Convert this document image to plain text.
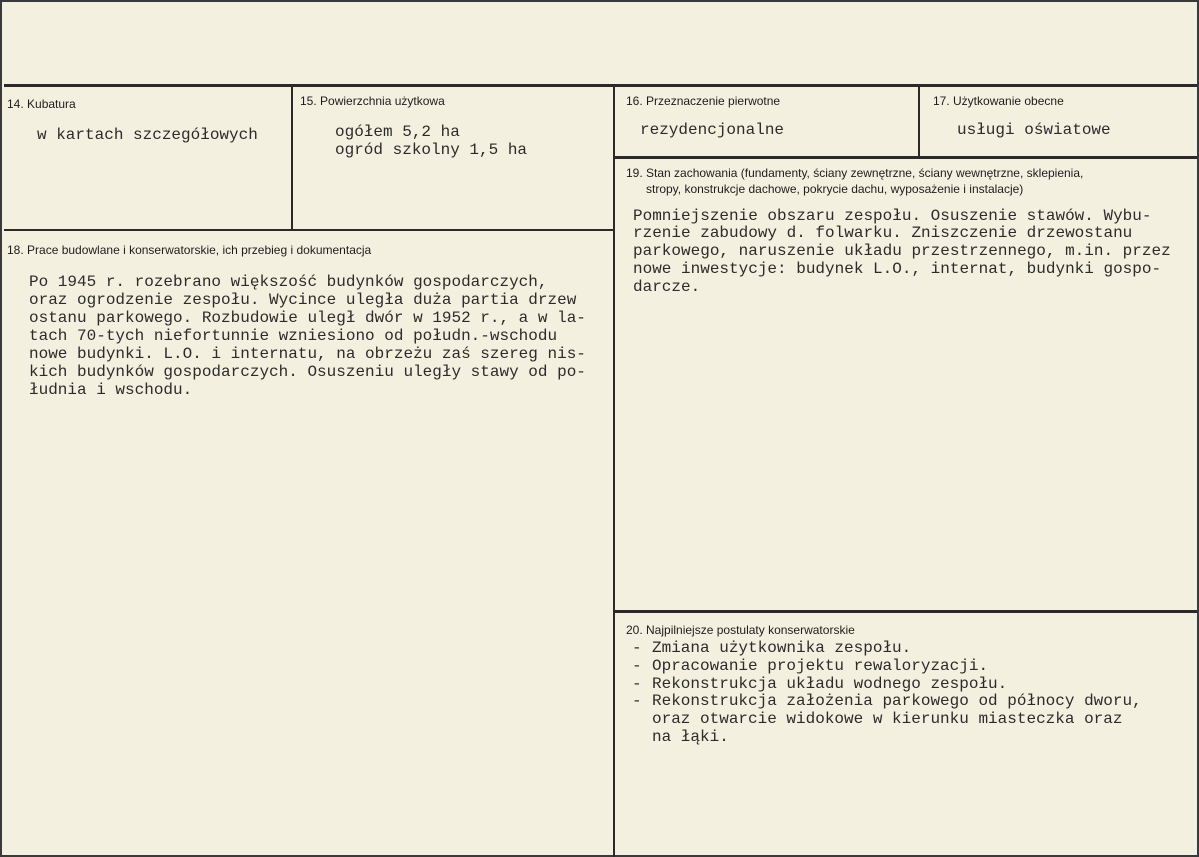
14. Kubatura
w kartach szczegółowych
15. Powierzchnia użytkowa
ogółem 5,2 ha
ogród szkolny 1,5 ha
16. Przeznaczenie pierwotne
rezydencjonalne
17. Użytkowanie obecne
usługi oświatowe
18. Prace budowlane i konserwatorskie, ich przebieg i dokumentacja
Po 1945 r. rozebrano większość budynków gospodarczych,
oraz ogrodzenie zespołu. Wycince uległa duża partia drzew
ostanu parkowego. Rozbudowie uległ dwór w 1952 r., a w la-
tach 70-tych niefortunnie wzniesiono od połudn.-wschodu
nowe budynki. L.O. i internatu, na obrzeżu zaś szereg nis-
kich budynków gospodarczych. Osuszeniu uległy stawy od po-
łudnia i wschodu.
19. Stan zachowania (fundamenty, ściany zewnętrzne, ściany wewnętrzne, sklepienia,
stropy, konstrukcje dachowe, pokrycie dachu, wyposażenie i instalacje)
Pomniejszenie obszaru zespołu. Osuszenie stawów. Wybu-
rzenie zabudowy d. folwarku. Zniszczenie drzewostanu
parkowego, naruszenie układu przestrzennego, m.in. przez
nowe inwestycje: budynek L.O., internat, budynki gospo-
darcze.
20. Najpilniejsze postulaty konserwatorskie
- Zmiana użytkownika zespołu.
- Opracowanie projektu rewaloryzacji.
- Rekonstrukcja układu wodnego zespołu.
- Rekonstrukcja założenia parkowego od północy dworu,
oraz otwarcie widokowe w kierunku miasteczka oraz
na łąki.
